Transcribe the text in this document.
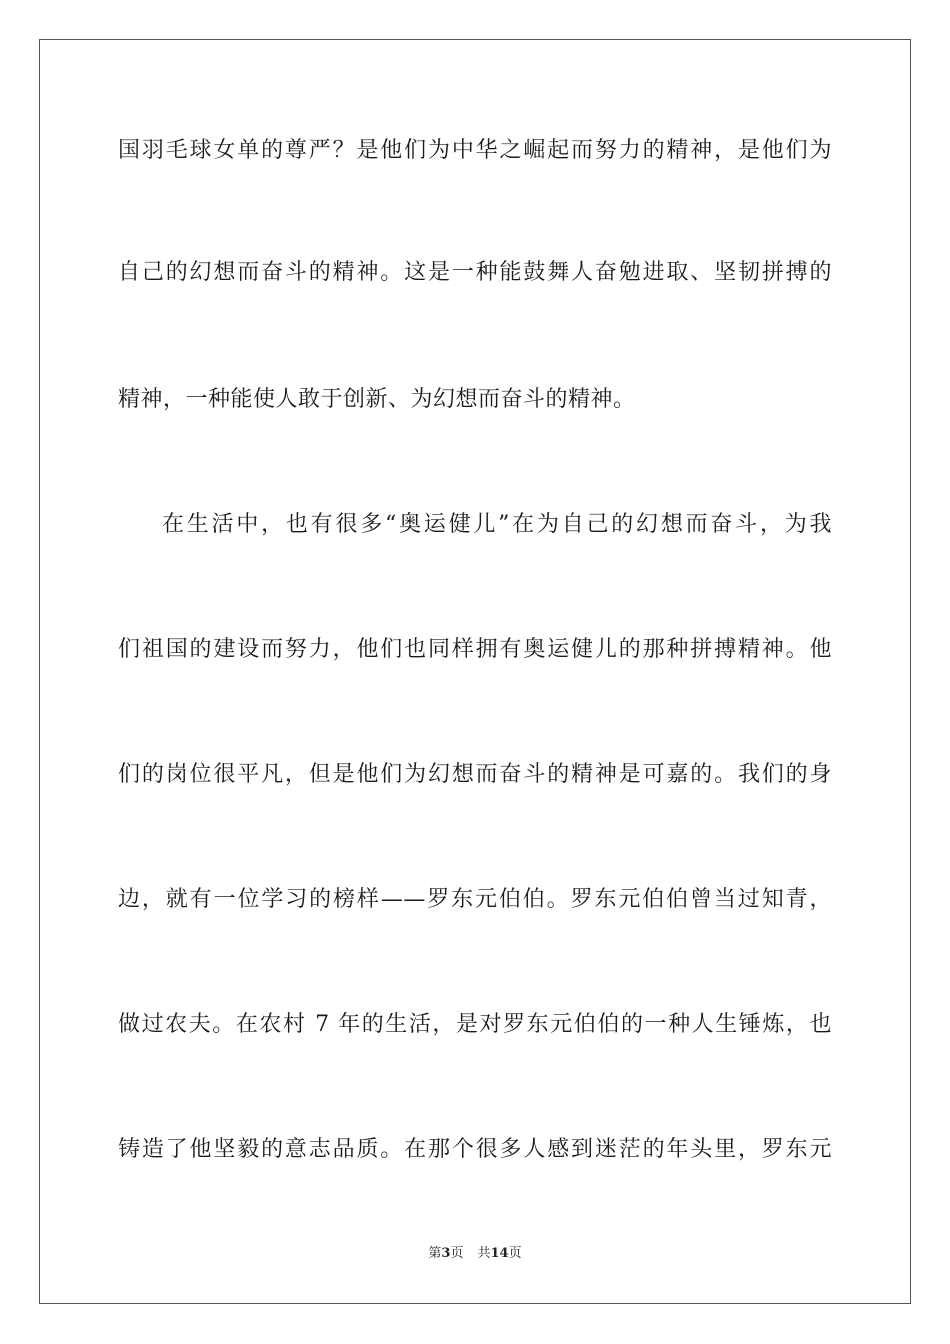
国羽毛球女单的尊严？是他们为中华之崛起而努力的精神，是他们为
自己的幻想而奋斗的精神。这是一种能鼓舞人奋勉进取、坚韧拼搏的
精神，一种能使人敢于创新、为幻想而奋斗的精神。
在生活中，也有很多“奥运健儿”在为自己的幻想而奋斗，为我
们祖国的建设而努力，他们也同样拥有奥运健儿的那种拼搏精神。他
们的岗位很平凡，但是他们为幻想而奋斗的精神是可嘉的。我们的身
边，就有一位学习的榜样——罗东元伯伯。罗东元伯伯曾当过知青，
做过农夫。在农村 7 年的生活，是对罗东元伯伯的一种人生锤炼，也
铸造了他坚毅的意志品质。在那个很多人感到迷茫的年头里，罗东元
第3页 共14页
